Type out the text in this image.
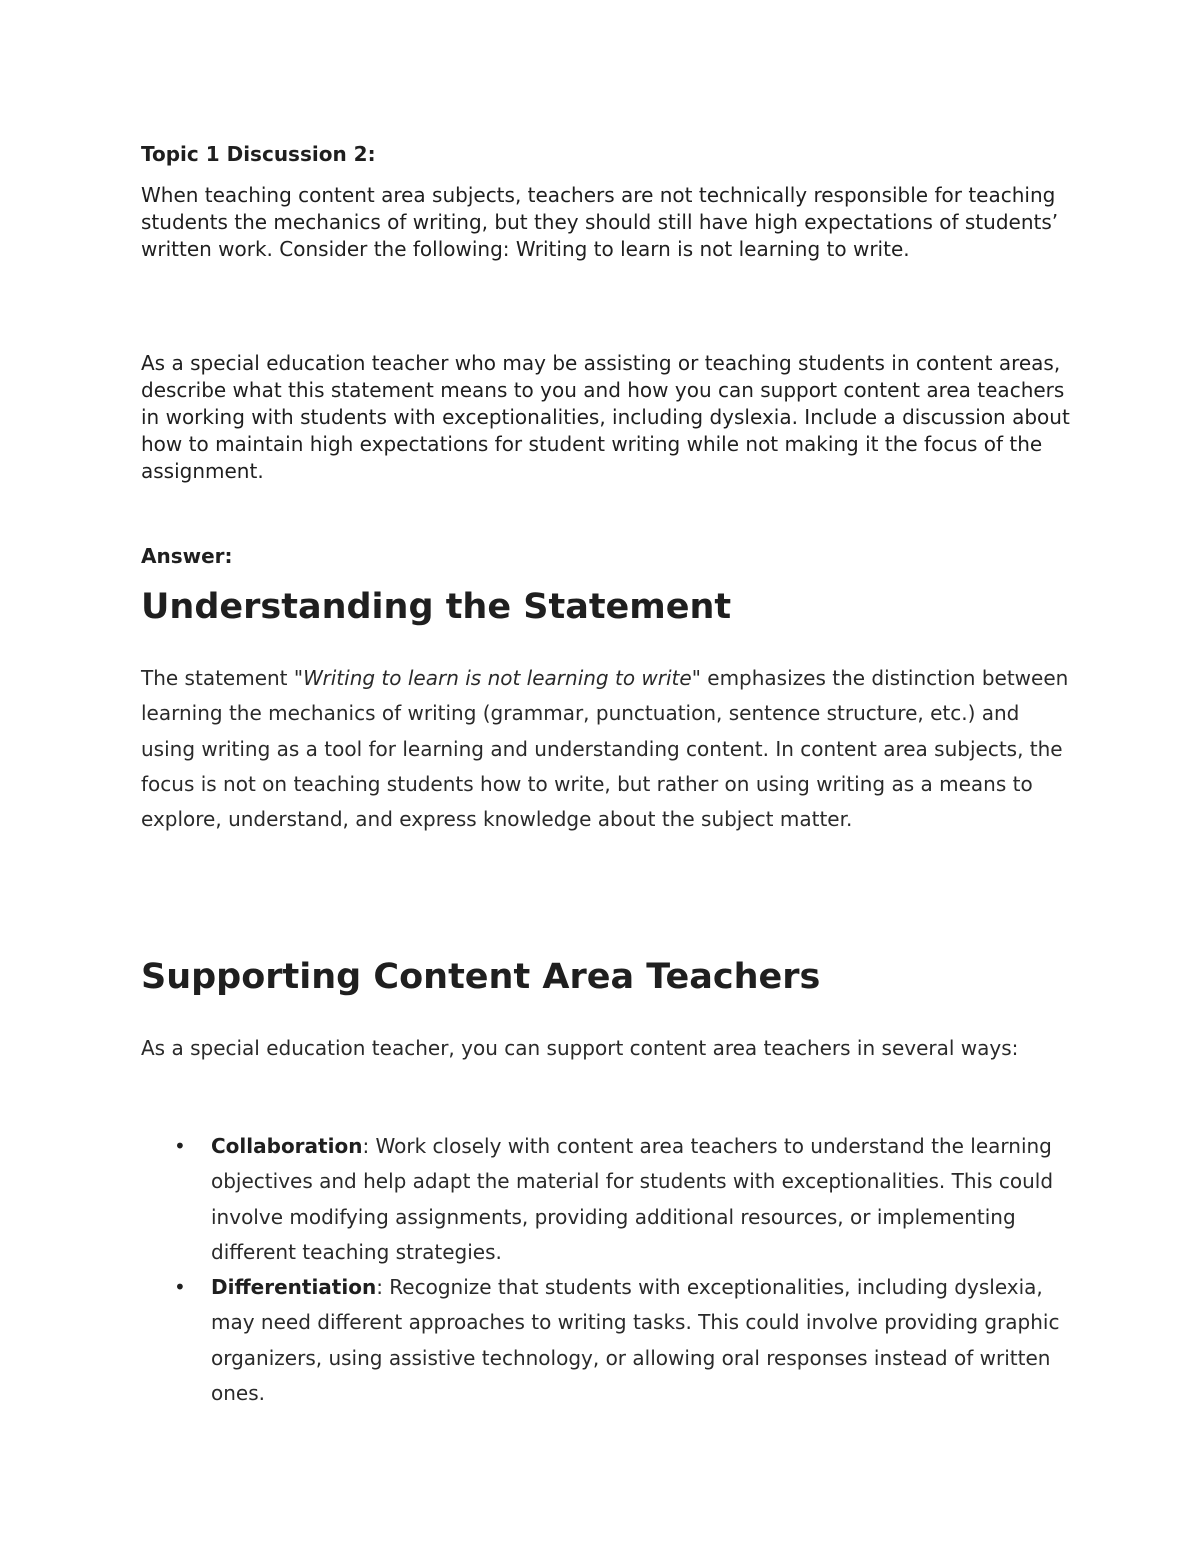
Topic 1 Discussion 2:

When teaching content area subjects, teachers are not technically responsible for teaching students the mechanics of writing, but they should still have high expectations of students’ written work. Consider the following: Writing to learn is not learning to write.

As a special education teacher who may be assisting or teaching students in content areas, describe what this statement means to you and how you can support content area teachers in working with students with exceptionalities, including dyslexia. Include a discussion about how to maintain high expectations for student writing while not making it the focus of the assignment.

Answer:

Understanding the Statement

The statement "Writing to learn is not learning to write" emphasizes the distinction between learning the mechanics of writing (grammar, punctuation, sentence structure, etc.) and using writing as a tool for learning and understanding content. In content area subjects, the focus is not on teaching students how to write, but rather on using writing as a means to explore, understand, and express knowledge about the subject matter.

Supporting Content Area Teachers

As a special education teacher, you can support content area teachers in several ways:

• Collaboration: Work closely with content area teachers to understand the learning objectives and help adapt the material for students with exceptionalities. This could involve modifying assignments, providing additional resources, or implementing different teaching strategies.
• Differentiation: Recognize that students with exceptionalities, including dyslexia, may need different approaches to writing tasks. This could involve providing graphic organizers, using assistive technology, or allowing oral responses instead of written ones.
